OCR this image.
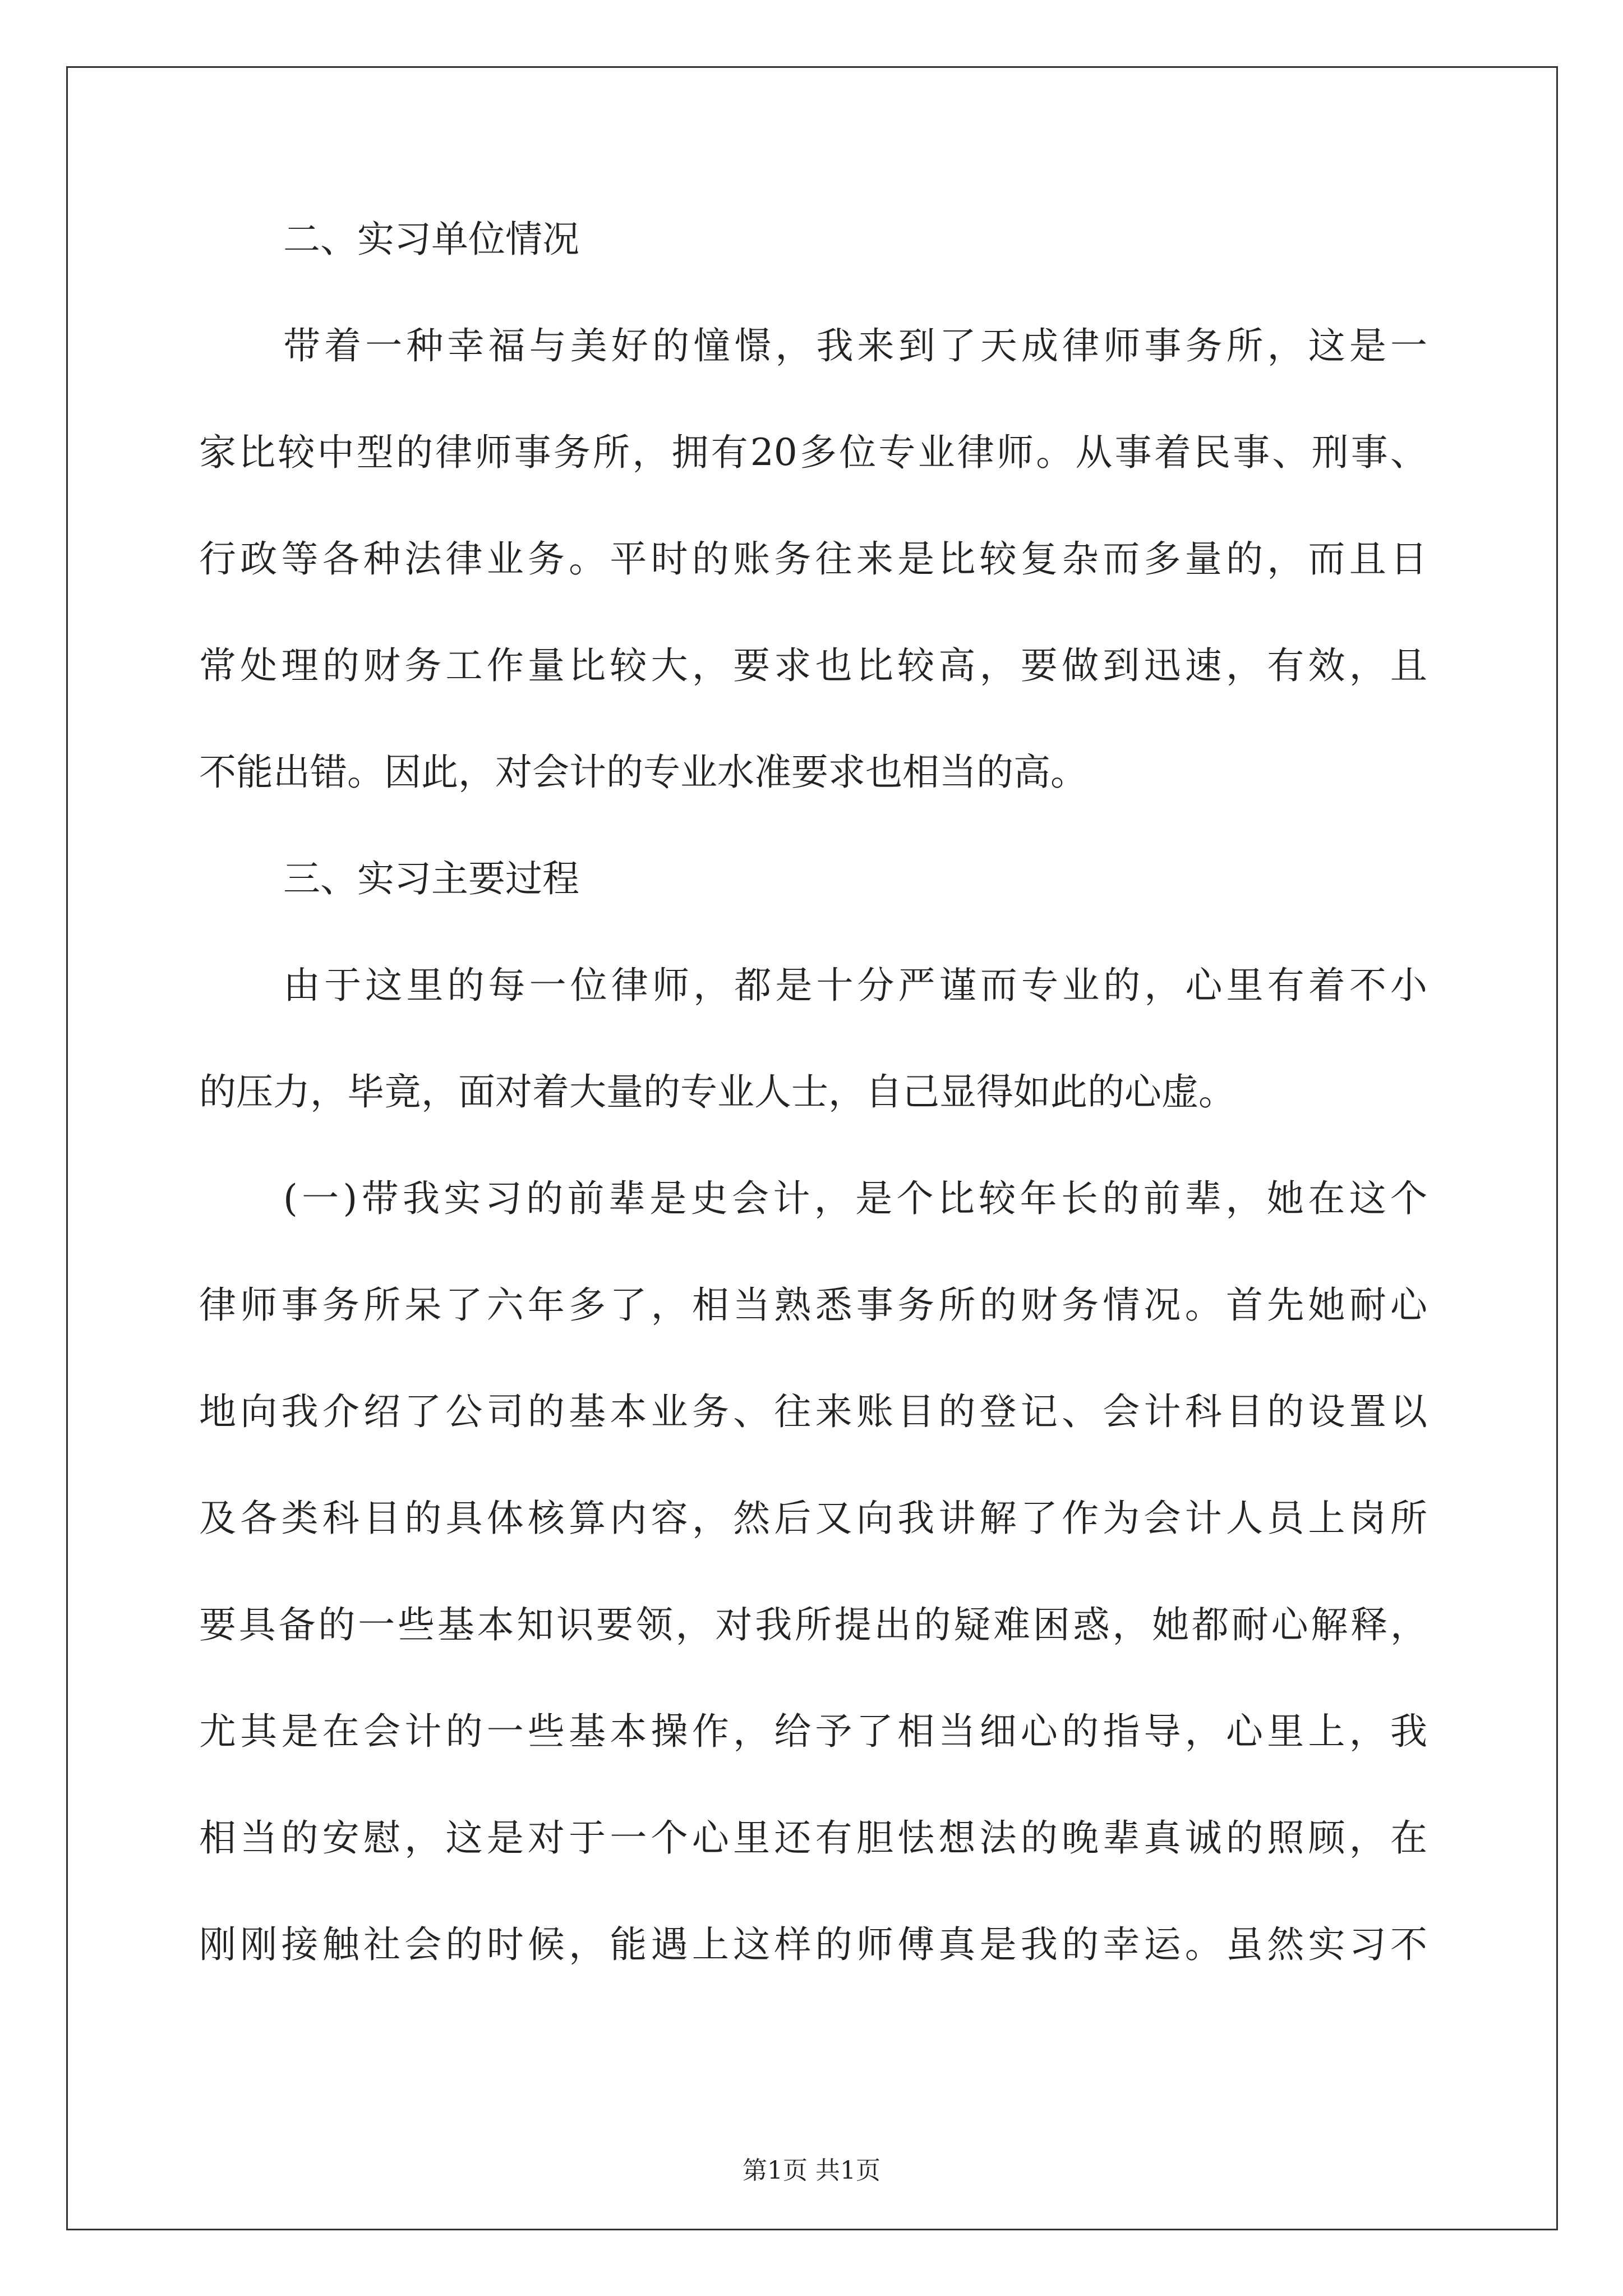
二、实习单位情况
带着一种幸福与美好的憧憬，我来到了天成律师事务所，这是一
家比较中型的律师事务所，拥有20多位专业律师。从事着民事、刑事、
行政等各种法律业务。平时的账务往来是比较复杂而多量的，而且日
常处理的财务工作量比较大，要求也比较高，要做到迅速，有效，且
不能出错。因此，对会计的专业水准要求也相当的高。
三、实习主要过程
由于这里的每一位律师，都是十分严谨而专业的，心里有着不小
的压力，毕竟，面对着大量的专业人士，自己显得如此的心虚。
(一)带我实习的前辈是史会计，是个比较年长的前辈，她在这个
律师事务所呆了六年多了，相当熟悉事务所的财务情况。首先她耐心
地向我介绍了公司的基本业务、往来账目的登记、会计科目的设置以
及各类科目的具体核算内容，然后又向我讲解了作为会计人员上岗所
要具备的一些基本知识要领，对我所提出的疑难困惑，她都耐心解释，
尤其是在会计的一些基本操作，给予了相当细心的指导，心里上，我
相当的安慰，这是对于一个心里还有胆怯想法的晚辈真诚的照顾，在
刚刚接触社会的时候，能遇上这样的师傅真是我的幸运。虽然实习不
第1页 共1页
